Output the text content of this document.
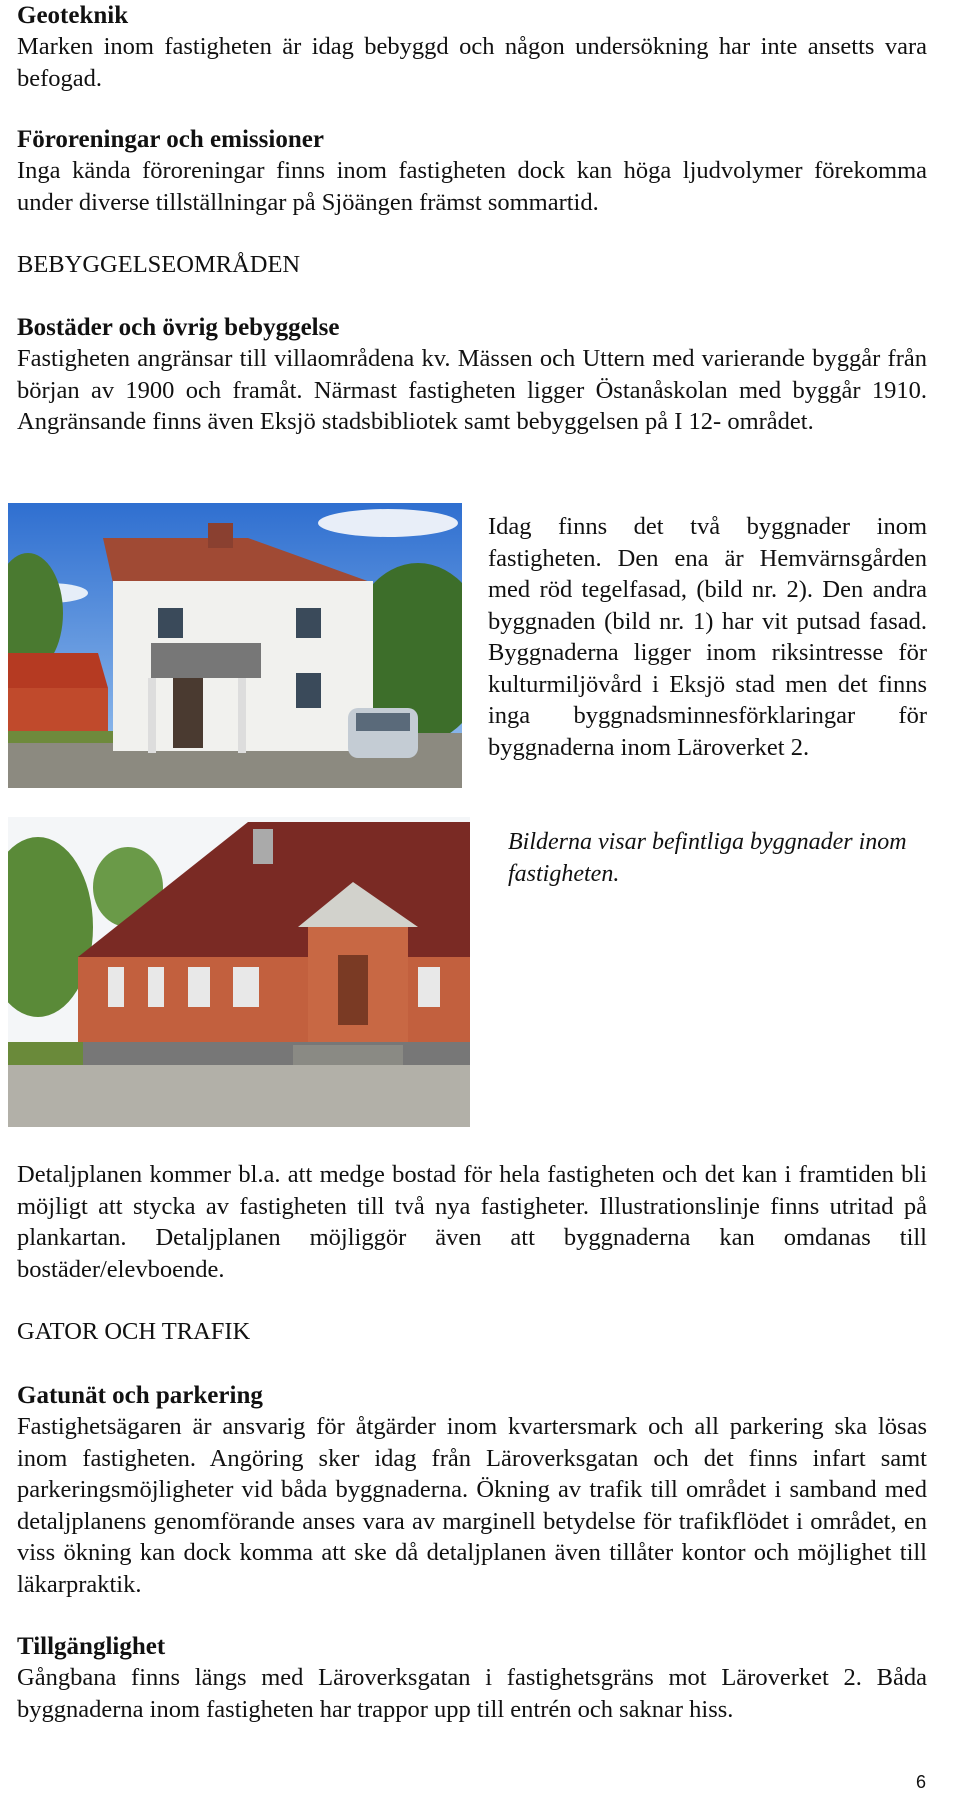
Geoteknik

Marken inom fastigheten är idag bebyggd och någon undersökning har inte ansetts vara befogad.

Föroreningar och emissioner

Inga kända föroreningar finns inom fastigheten dock kan höga ljudvolymer förekomma under diverse tillställningar på Sjöängen främst sommartid.

BEBYGGELSEOMRÅDEN

Bostäder och övrig bebyggelse

Fastigheten angränsar till villaområdena kv. Mässen och Uttern med varierande byggår från början av 1900 och framåt. Närmast fastigheten ligger Östanåskolan med byggår 1910. Angränsande finns även Eksjö stadsbibliotek samt bebyggelsen på I 12- området.

Idag finns det två byggnader inom fastigheten. Den ena är Hemvärnsgården med röd tegelfasad, (bild nr. 2). Den andra byggnaden (bild nr. 1) har vit putsad fasad. Byggnaderna ligger inom riksintresse för kulturmiljövård i Eksjö stad men det finns inga byggnadsminnesförklaringar för byggnaderna inom Läroverket 2.
Bilderna visar befintliga byggnader inom fastigheten.

Detaljplanen kommer bl.a. att medge bostad för hela fastigheten och det kan i framtiden bli möjligt att stycka av fastigheten till två nya fastigheter. Illustrationslinje finns utritad på plankartan. Detaljplanen möjliggör även att byggnaderna kan omdanas till bostäder/elevboende.

GATOR OCH TRAFIK

Gatunät och parkering

Fastighetsägaren är ansvarig för åtgärder inom kvartersmark och all parkering ska lösas inom fastigheten. Angöring sker idag från Läroverksgatan och det finns infart samt parkeringsmöjligheter vid båda byggnaderna. Ökning av trafik till området i samband med detaljplanens genomförande anses vara av marginell betydelse för trafikflödet i området, en viss ökning kan dock komma att ske då detaljplanen även tillåter kontor och möjlighet till läkarpraktik.

Tillgänglighet

Gångbana finns längs med Läroverksgatan i fastighetsgräns mot Läroverket 2. Båda byggnaderna inom fastigheten har trappor upp till entrén och saknar hiss.

6
